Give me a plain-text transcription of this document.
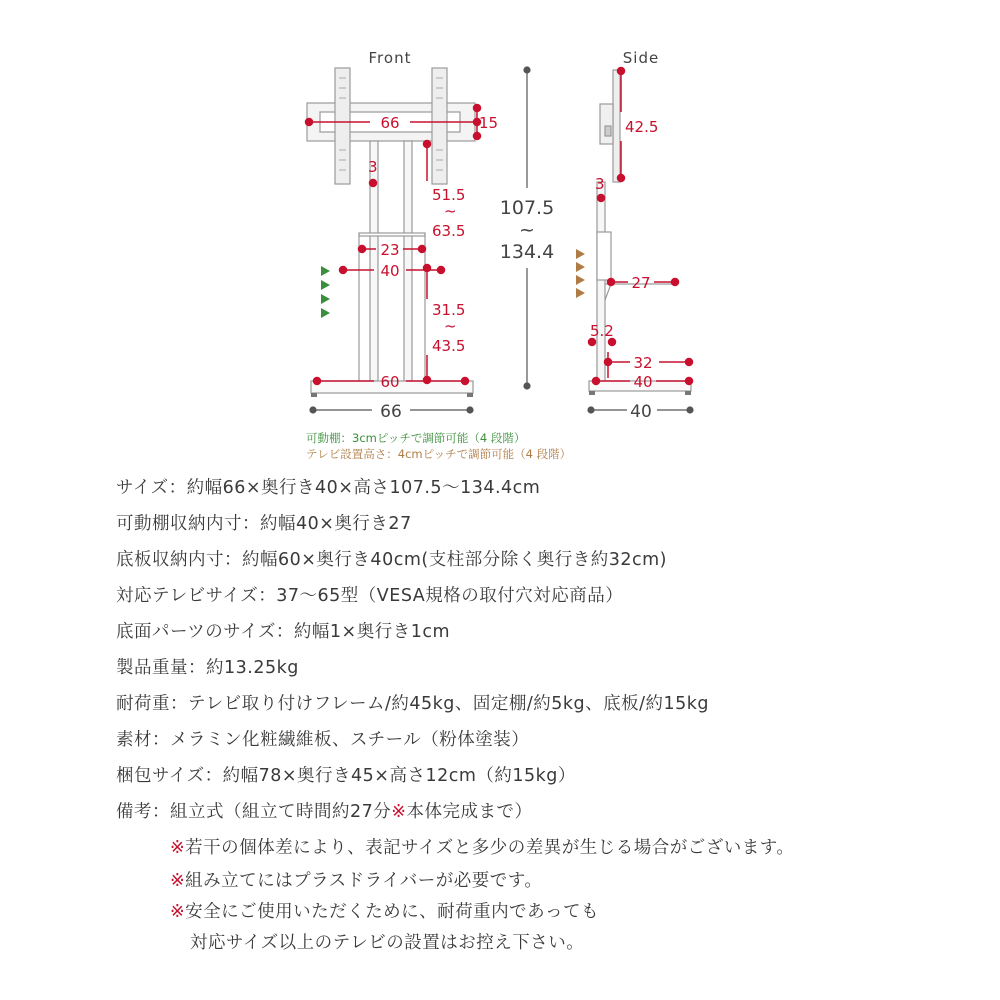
Front	Side
66	15
3
51.5
~
63.5
23
40
31.5
~
43.5
60
66
107.5
~
134.4
42.5
3
27
5.2
32
40
40
可動棚：3cmピッチで調節可能（4 段階）
テレビ設置高さ：4cmピッチで調節可能（4 段階）
サイズ：約幅66×奥行き40×高さ107.5〜134.4cm
可動棚収納内寸：約幅40×奥行き27
底板収納内寸：約幅60×奥行き40cm(支柱部分除く奥行き約32cm)
対応テレビサイズ：37〜65型（VESA規格の取付穴対応商品）
底面パーツのサイズ：約幅1×奥行き1cm
製品重量：約13.25kg
耐荷重：テレビ取り付けフレーム/約45kg、固定棚/約5kg、底板/約15kg
素材：メラミン化粧繊維板、スチール（粉体塗装）
梱包サイズ：約幅78×奥行き45×高さ12cm（約15kg）
備考：組立式（組立て時間約27分※本体完成まで）
※若干の個体差により、表記サイズと多少の差異が生じる場合がございます。
※組み立てにはプラスドライバーが必要です。
※安全にご使用いただくために、耐荷重内であっても
対応サイズ以上のテレビの設置はお控え下さい。
